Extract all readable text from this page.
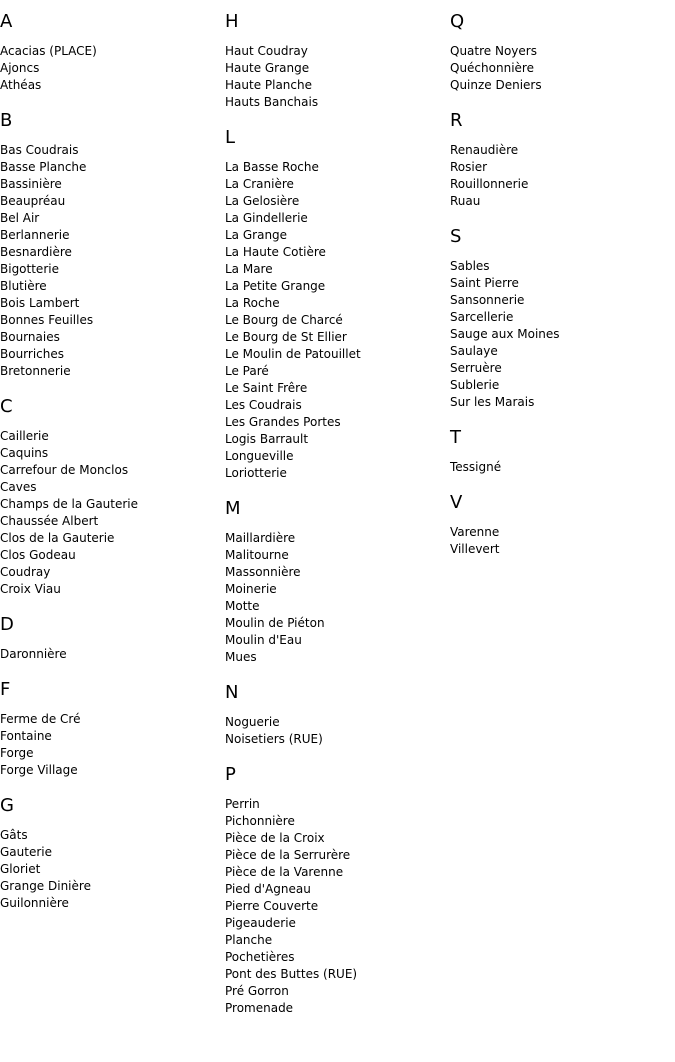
A
Acacias (PLACE)
Ajoncs
Athéas
B
Bas Coudrais
Basse Planche
Bassinière
Beaupréau
Bel Air
Berlannerie
Besnardière
Bigotterie
Blutière
Bois Lambert
Bonnes Feuilles
Bournaies
Bourriches
Bretonnerie
C
Caillerie
Caquins
Carrefour de Monclos
Caves
Champs de la Gauterie
Chaussée Albert
Clos de la Gauterie
Clos Godeau
Coudray
Croix Viau
D
Daronnière
F
Ferme de Cré
Fontaine
Forge
Forge Village
G
Gâts
Gauterie
Gloriet
Grange Dinière
Guilonnière
H
Haut Coudray
Haute Grange
Haute Planche
Hauts Banchais
L
La Basse Roche
La Cranière
La Gelosière
La Gindellerie
La Grange
La Haute Cotière
La Mare
La Petite Grange
La Roche
Le Bourg de Charcé
Le Bourg de St Ellier
Le Moulin de Patouillet
Le Paré
Le Saint Frêre
Les Coudrais
Les Grandes Portes
Logis Barrault
Longueville
Loriotterie
M
Maillardière
Malitourne
Massonnière
Moinerie
Motte
Moulin de Piéton
Moulin d'Eau
Mues
N
Noguerie
Noisetiers (RUE)
P
Perrin
Pichonnière
Pièce de la Croix
Pièce de la Serrurère
Pièce de la Varenne
Pied d'Agneau
Pierre Couverte
Pigeauderie
Planche
Pochetières
Pont des Buttes (RUE)
Pré Gorron
Promenade
Q
Quatre Noyers
Quéchonnière
Quinze Deniers
R
Renaudière
Rosier
Rouillonnerie
Ruau
S
Sables
Saint Pierre
Sansonnerie
Sarcellerie
Sauge aux Moines
Saulaye
Serruère
Sublerie
Sur les Marais
T
Tessigné
V
Varenne
Villevert
